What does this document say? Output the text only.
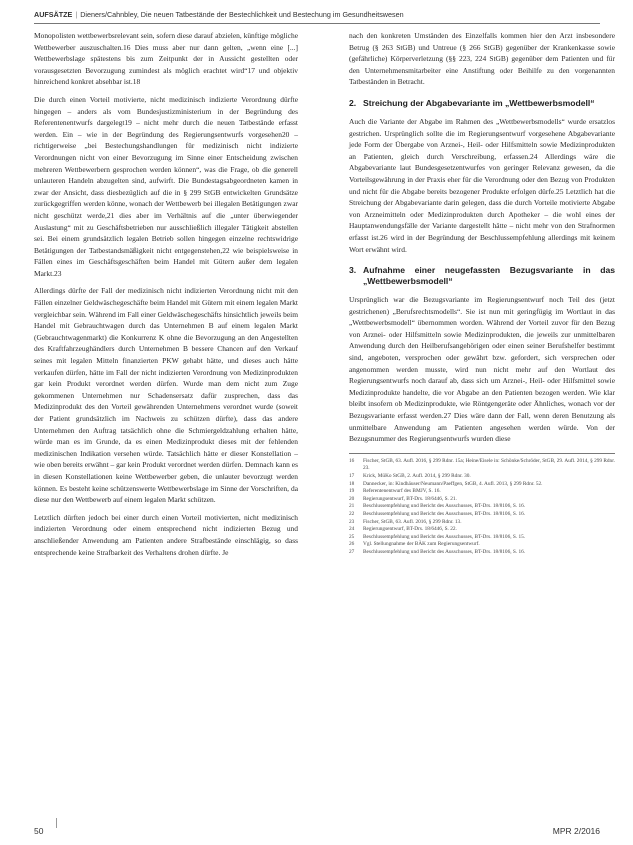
AUFSÄTZE | Dieners/Cahnbley, Die neuen Tatbestände der Bestechlichkeit und Bestechung im Gesundheitswesen

Monopolisten wettbewerbsrelevant sein, sofern diese darauf abzielen, künftige mögliche Wettbewerber auszuschalten.16 Dies muss aber nur dann gelten, „wenn eine [...] Wettbewerbslage spätestens bis zum Zeitpunkt der in Aussicht gestellten oder vorausgesetzten Bevorzugung zumindest als möglich erachtet wird“17 und objektiv hinreichend konkret absehbar ist.18

Die durch einen Vorteil motivierte, nicht medizinisch indizierte Verordnung dürfte hingegen – anders als vom Bundesjustizministerium in der Begründung des Referentenentwurfs dargelegt19 – nicht mehr durch die neuen Tatbestände erfasst werden. Ein – wie in der Begründung des Regierungsentwurfs vorgesehen20 – richtigerweise „bei Bestechungshandlungen für medizinisch nicht indizierte Verordnungen nicht von einer Bevorzugung im Sinne einer Entscheidung zwischen mehreren Wettbewerbern gesprochen werden können“, was die Frage, ob die generell unlauteren Handeln abzugelten sind, aufwirft. Die Bundestagsabgeordneten kamen in zwar der Ansicht, dass diesbezüglich auf die in § 299 StGB entwickelten Grundsätze zurückgegriffen werden könne, wonach der Wettbewerb bei illegalen Betätigungen zwar nicht geschützt werde,21 dies aber im Verhältnis auf die „unter überwiegender Auslastung“ mit zu Geschäftsbetrieben nur ausschließlich illegaler Tätigkeit abstellen sei. Bei einem grundsätzlich legalen Betrieb sollen hingegen einzelne rechtswidrige Betätigungen der Tatbestandsmäßigkeit nicht entgegenstehen,22 wie beispielsweise in Fällen eines im Geschäftsgeschäften beim Handel mit Gütern außer dem legalen Markt.23

Allerdings dürfte der Fall der medizinisch nicht indizierten Verordnung nicht mit den Fällen einzelner Geldwäschegeschäfte beim Handel mit Gütern mit einem legalen Markt vergleichbar sein. Während im Fall einer Geldwäschegeschäfts hinsichtlich jeweils beim Handel mit Gebrauchtwagen durch das Unternehmen B auf einem legalen Markt (Gebrauchtwagenmarkt) die Konkurrenz K ohne die Bevorzugung an den Angestellten des Kraftfahrzeughändlers durch Unternehmen B bessere Chancen auf den Verkauf seines mit legalen Mitteln finanzierten PKW gehabt hätte, und dieses auch hätte verkaufen dürfen, hätte im Fall der nicht indizierten Verordnung von Medizinprodukten gar kein Produkt verordnet werden dürfen. Wurde man dem nicht zum Zuge gekommenen Unternehmen nur Schadensersatz dafür zusprechen, dass das Medizinprodukt des den Vorteil gewährenden Unternehmens verordnet wurde (soweit der Patient grundsätzlich im Nachweis zu schützen dürfte), dass das andere Unternehmen den Auftrag tatsächlich ohne die Schmiergeldzahlung erhalten hätte, würde man es im Grunde, da es einen Medizinprodukt dieses mit der fehlenden medizinischen Indikation versehen würde. Tatsächlich hätte er dieser Konstellation – wie oben bereits erwähnt – gar kein Produkt verordnet werden dürfen. Demnach kann es in diesen Konstellationen keine Wettbewerber geben, die unlauter bevorzugt werden können. Es besteht keine schützenswerte Wettbewerbslage im Sinne der Vorschriften, da diese nur den Wettbewerb auf einem legalen Markt schützen.

Letztlich dürften jedoch bei einer durch einen Vorteil motivierten, nicht medizinisch indizierten Verordnung oder einem entsprechend nicht indizierten Bezug und anschließender Anwendung am Patienten andere Strafbestände einschlägig, so dass entsprechende keine Strafbarkeit des Verhaltens drohen dürfte. Je

nach den konkreten Umständen des Einzelfalls kommen hier den Arzt insbesondere Betrug (§ 263 StGB) und Untreue (§ 266 StGB) gegenüber der Krankenkasse sowie (gefährliche) Körperverletzung (§§ 223, 224 StGB) gegenüber dem Patienten und für den Unternehmensmitarbeiter eine Anstiftung oder Beihilfe zu den vorgenannten Tatbeständen in Betracht.

2. Streichung der Abgabevariante im „Wettbewerbsmodell“

Auch die Variante der Abgabe im Rahmen des „Wettbewerbsmodells“ wurde ersatzlos gestrichen. Ursprünglich sollte die im Regierungsentwurf vorgesehene Abgabevariante jede Form der Übergabe von Arznei-, Heil- oder Hilfsmitteln sowie Medizinprodukten an Patienten, gleich durch Verschreibung, erfassen.24 Allerdings wäre die Abgabevariante laut Bundesgesetzentwurfes von geringer Relevanz gewesen, da die Vorteilsgewährung in der Praxis eher für die Verordnung oder den Bezug von Produkten und nicht für die Abgabe bereits bezogener Produkte erfolgen dürfe.25 Letztlich hat die Streichung der Abgabevariante darin gelegen, dass die durch Vorteile motivierte Abgabe von Arzneimitteln oder Medizinprodukten durch Apotheker – die wohl eines der Hauptanwendungsfälle der Variante dargestellt hätte – nicht mehr von den Strafnormen erfasst ist.26 wird in der Begründung der Beschlussempfehlung allerdings mit keinem Wort erwähnt wird.

3. Aufnahme einer neugefassten Bezugsvariante in das „Wettbewerbsmodell“

Ursprünglich war die Bezugsvariante im Regierungsentwurf noch Teil des (jetzt gestrichenen) „Berufsrechtsmodells“. Sie ist nun mit geringfügig im Wortlaut in das „Wettbewerbsmodell“ übernommen worden. Während der Vorteil zuvor für den Bezug von Arznei- oder Hilfsmitteln sowie Medizinprodukten, die jeweils zur unmittelbaren Anwendung durch den Heilberufsangehörigen oder einen seiner Berufshelfer bestimmt sind, angeboten, versprochen oder gewährt bzw. gefordert, sich versprechen oder angenommen werden musste, wird nun nicht mehr auf den Wortlaut des Regierungsentwurfs noch darauf ab, dass sich um Arznei-, Heil- oder Hilfsmittel sowie Medizinprodukte handelte, die vor Abgabe an den Patienten bezogen werden. Wie klar bleibt insofern ob Medizinprodukte, wie Röntgengeräte oder Ähnliches, wonach vor der Bezugsvariante erfasst werden.27 Dies wäre dann der Fall, wenn deren Benutzung als unmittelbare Anwendung am Patienten angesehen werden würde. Von der Bezugsnummer des Regierungsentwurfs wurden diese

16	Fischer, StGB, 63. Aufl. 2016, § 299 Rdnr. 15a; Heine/Eisele in: Schönke/Schröder, StGB, 29. Aufl. 2014, § 299 Rdnr. 23.
17	Krick, MüKo StGB, 2. Aufl. 2014, § 299 Rdnr. 30.
18	Dannecker, in: Kindhäuser/Neumann/Paeffgen, StGB, 4. Aufl. 2013, § 299 Rdnr. 52.
19	Referentenentwurf des BMJV, S. 16.
20	Regierungsentwurf, BT-Drs. 18/6446, S. 21.
21	Beschlussempfehlung und Bericht des Ausschusses, BT-Drs. 18/8106, S. 16.
22	Beschlussempfehlung und Bericht des Ausschusses, BT-Drs. 18/8106, S. 16.
23	Fischer, StGB, 63. Aufl. 2016, § 299 Rdnr. 13.
24	Regierungsentwurf, BT-Drs. 18/6446, S. 22.
25	Beschlussempfehlung und Bericht des Ausschusses, BT-Drs. 18/8106, S. 15.
26	Vgl. Stellungnahme der BÄK zum Regierungsentwurf.
27	Beschlussempfehlung und Bericht des Ausschusses, BT-Drs. 18/8106, S. 16.
50	MPR 2/2016
